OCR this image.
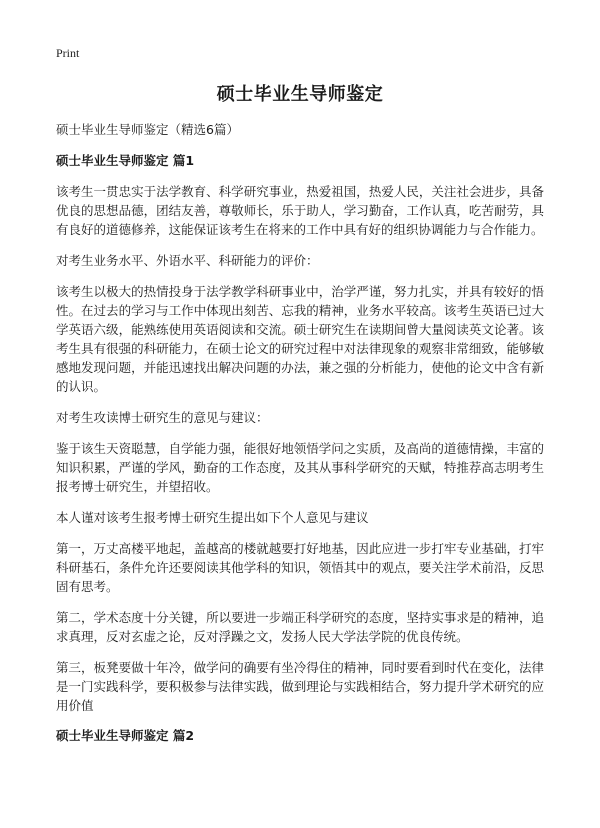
Print
硕士毕业生导师鉴定
硕士毕业生导师鉴定（精选6篇）
硕士毕业生导师鉴定 篇1

该考生一贯忠实于法学教育、科学研究事业，热爱祖国，热爱人民，关注社会进步，具备优良的思想品德，团结友善，尊敬师长，乐于助人，学习勤奋，工作认真，吃苦耐劳，具有良好的道德修养，这能保证该考生在将来的工作中具有好的组织协调能力与合作能力。

对考生业务水平、外语水平、科研能力的评价：

该考生以极大的热情投身于法学教学科研事业中，治学严谨，努力扎实，并具有较好的悟性。在过去的学习与工作中体现出刻苦、忘我的精神，业务水平较高。该考生英语已过大学英语六级，能熟练使用英语阅读和交流。硕士研究生在读期间曾大量阅读英文论著。该考生具有很强的科研能力，在硕士论文的研究过程中对法律现象的观察非常细致，能够敏感地发现问题，并能迅速找出解决问题的办法，兼之强的分析能力，使他的论文中含有新的认识。

对考生攻读博士研究生的意见与建议：

鉴于该生天资聪慧，自学能力强，能很好地领悟学问之实质，及高尚的道德情操，丰富的知识积累，严谨的学风，勤奋的工作态度，及其从事科学研究的天赋，特推荐高志明考生报考博士研究生，并望招收。

本人谨对该考生报考博士研究生提出如下个人意见与建议

第一，万丈高楼平地起，盖越高的楼就越要打好地基，因此应进一步打牢专业基础，打牢科研基石，条件允许还要阅读其他学科的知识，领悟其中的观点，要关注学术前沿，反思固有思考。

第二，学术态度十分关键，所以要进一步端正科学研究的态度，坚持实事求是的精神，追求真理，反对玄虚之论，反对浮躁之文，发扬人民大学法学院的优良传统。

第三，板凳要做十年冷，做学问的确要有坐冷得住的精神，同时要看到时代在变化，法律是一门实践科学，要积极参与法律实践，做到理论与实践相结合，努力提升学术研究的应用价值

硕士毕业生导师鉴定 篇2
